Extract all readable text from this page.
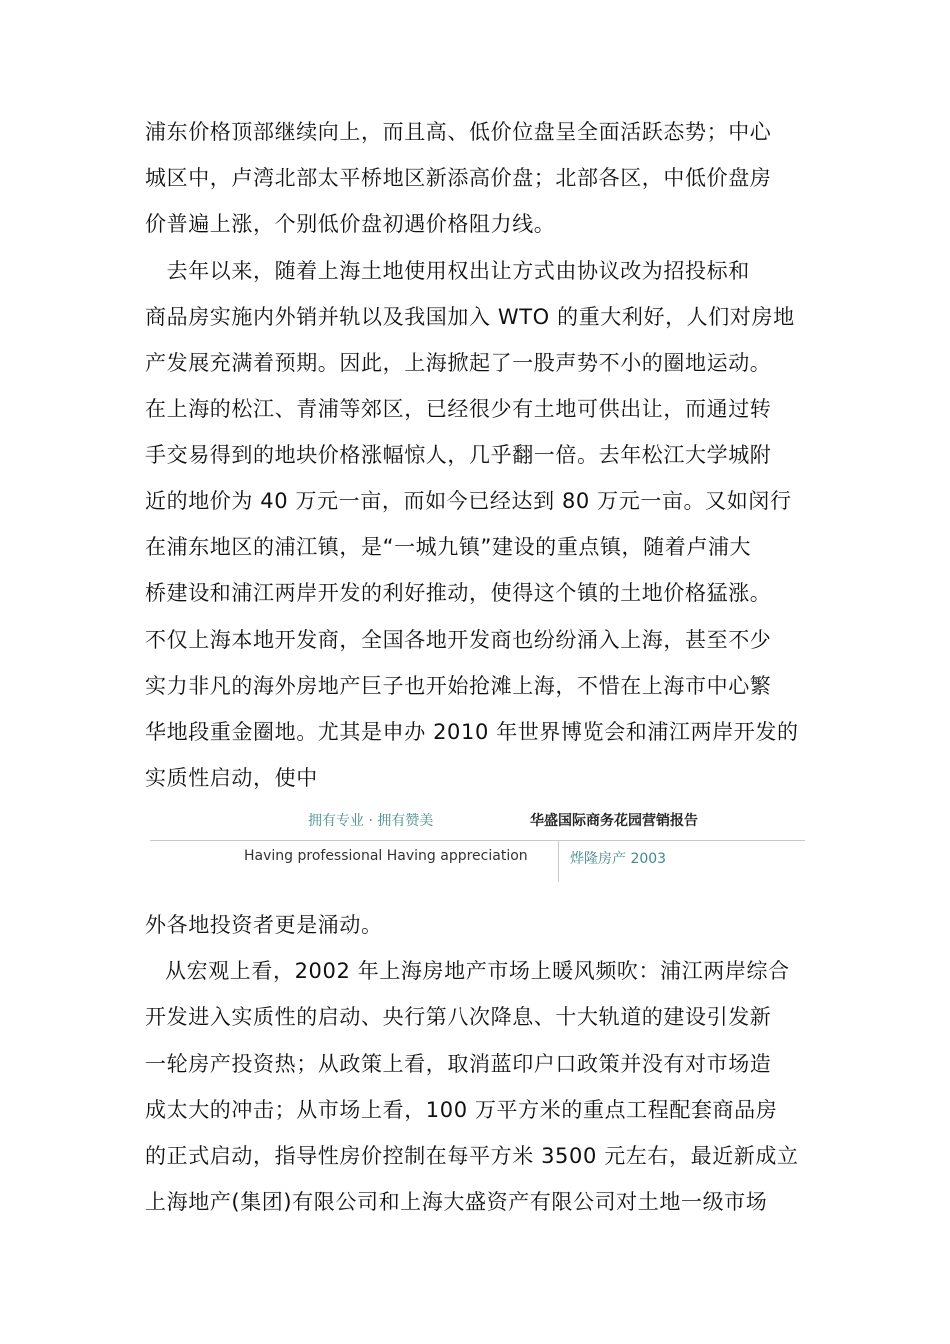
浦东价格顶部继续向上，而且高、低价位盘呈全面活跃态势；中心
城区中，卢湾北部太平桥地区新添高价盘；北部各区，中低价盘房
价普遍上涨，个别低价盘初遇价格阻力线。
　去年以来，随着上海土地使用权出让方式由协议改为招投标和
商品房实施内外销并轨以及我国加入 WTO 的重大利好，人们对房地
产发展充满着预期。因此，上海掀起了一股声势不小的圈地运动。
在上海的松江、青浦等郊区，已经很少有土地可供出让，而通过转
手交易得到的地块价格涨幅惊人，几乎翻一倍。去年松江大学城附
近的地价为 40 万元一亩，而如今已经达到 80 万元一亩。又如闵行
在浦东地区的浦江镇，是“一城九镇”建设的重点镇，随着卢浦大
桥建设和浦江两岸开发的利好推动，使得这个镇的土地价格猛涨。
不仅上海本地开发商，全国各地开发商也纷纷涌入上海，甚至不少
实力非凡的海外房地产巨子也开始抢滩上海，不惜在上海市中心繁
华地段重金圈地。尤其是申办 2010 年世界博览会和浦江两岸开发的
实质性启动，使中
拥有专业 · 拥有赞美	华盛国际商务花园营销报告
Having professional Having appreciation	烨隆房产 2003
外各地投资者更是涌动。
从宏观上看，2002 年上海房地产市场上暖风频吹：浦江两岸综合
开发进入实质性的启动、央行第八次降息、十大轨道的建设引发新
一轮房产投资热；从政策上看，取消蓝印户口政策并没有对市场造
成太大的冲击；从市场上看，100 万平方米的重点工程配套商品房
的正式启动，指导性房价控制在每平方米 3500 元左右，最近新成立
上海地产(集团)有限公司和上海大盛资产有限公司对土地一级市场
